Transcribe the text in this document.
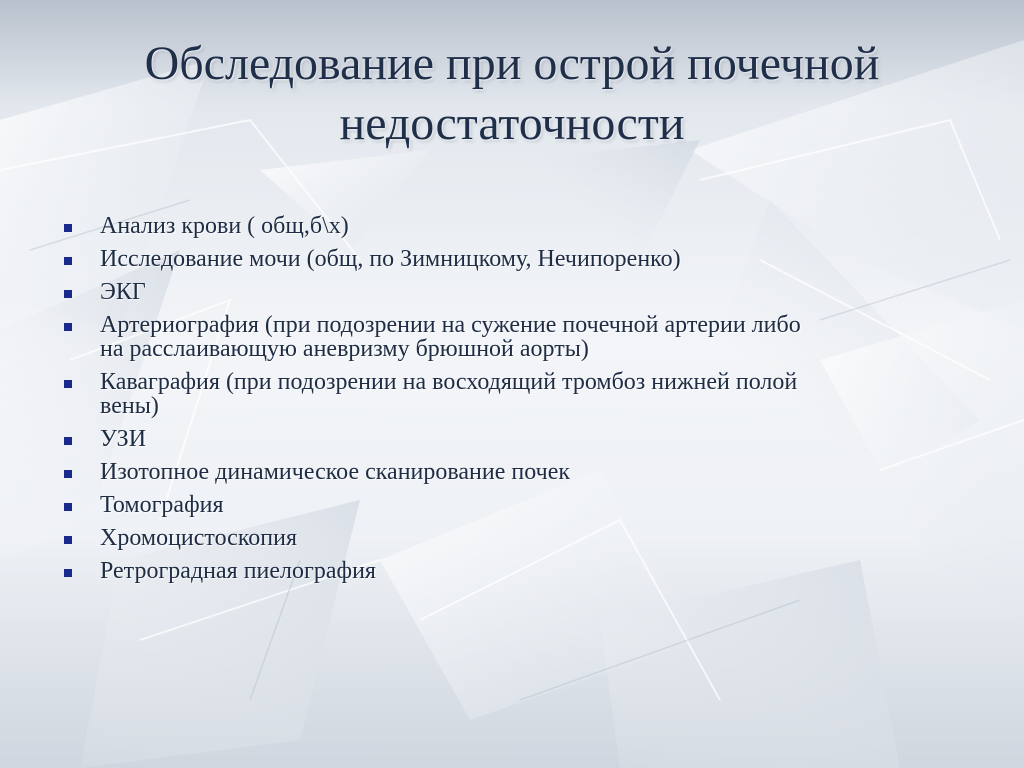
Обследование при острой почечной
недостаточности
Анализ крови ( общ,б\х)
Исследование мочи (общ, по Зимницкому, Нечипоренко)
ЭКГ
Артериография (при подозрении на сужение почечной артерии либо
на расслаивающую аневризму брюшной аорты)
Каваграфия (при подозрении на восходящий тромбоз нижней полой
вены)
УЗИ
Изотопное динамическое сканирование почек
Томография
Хромоцистоскопия
Ретроградная пиелография
